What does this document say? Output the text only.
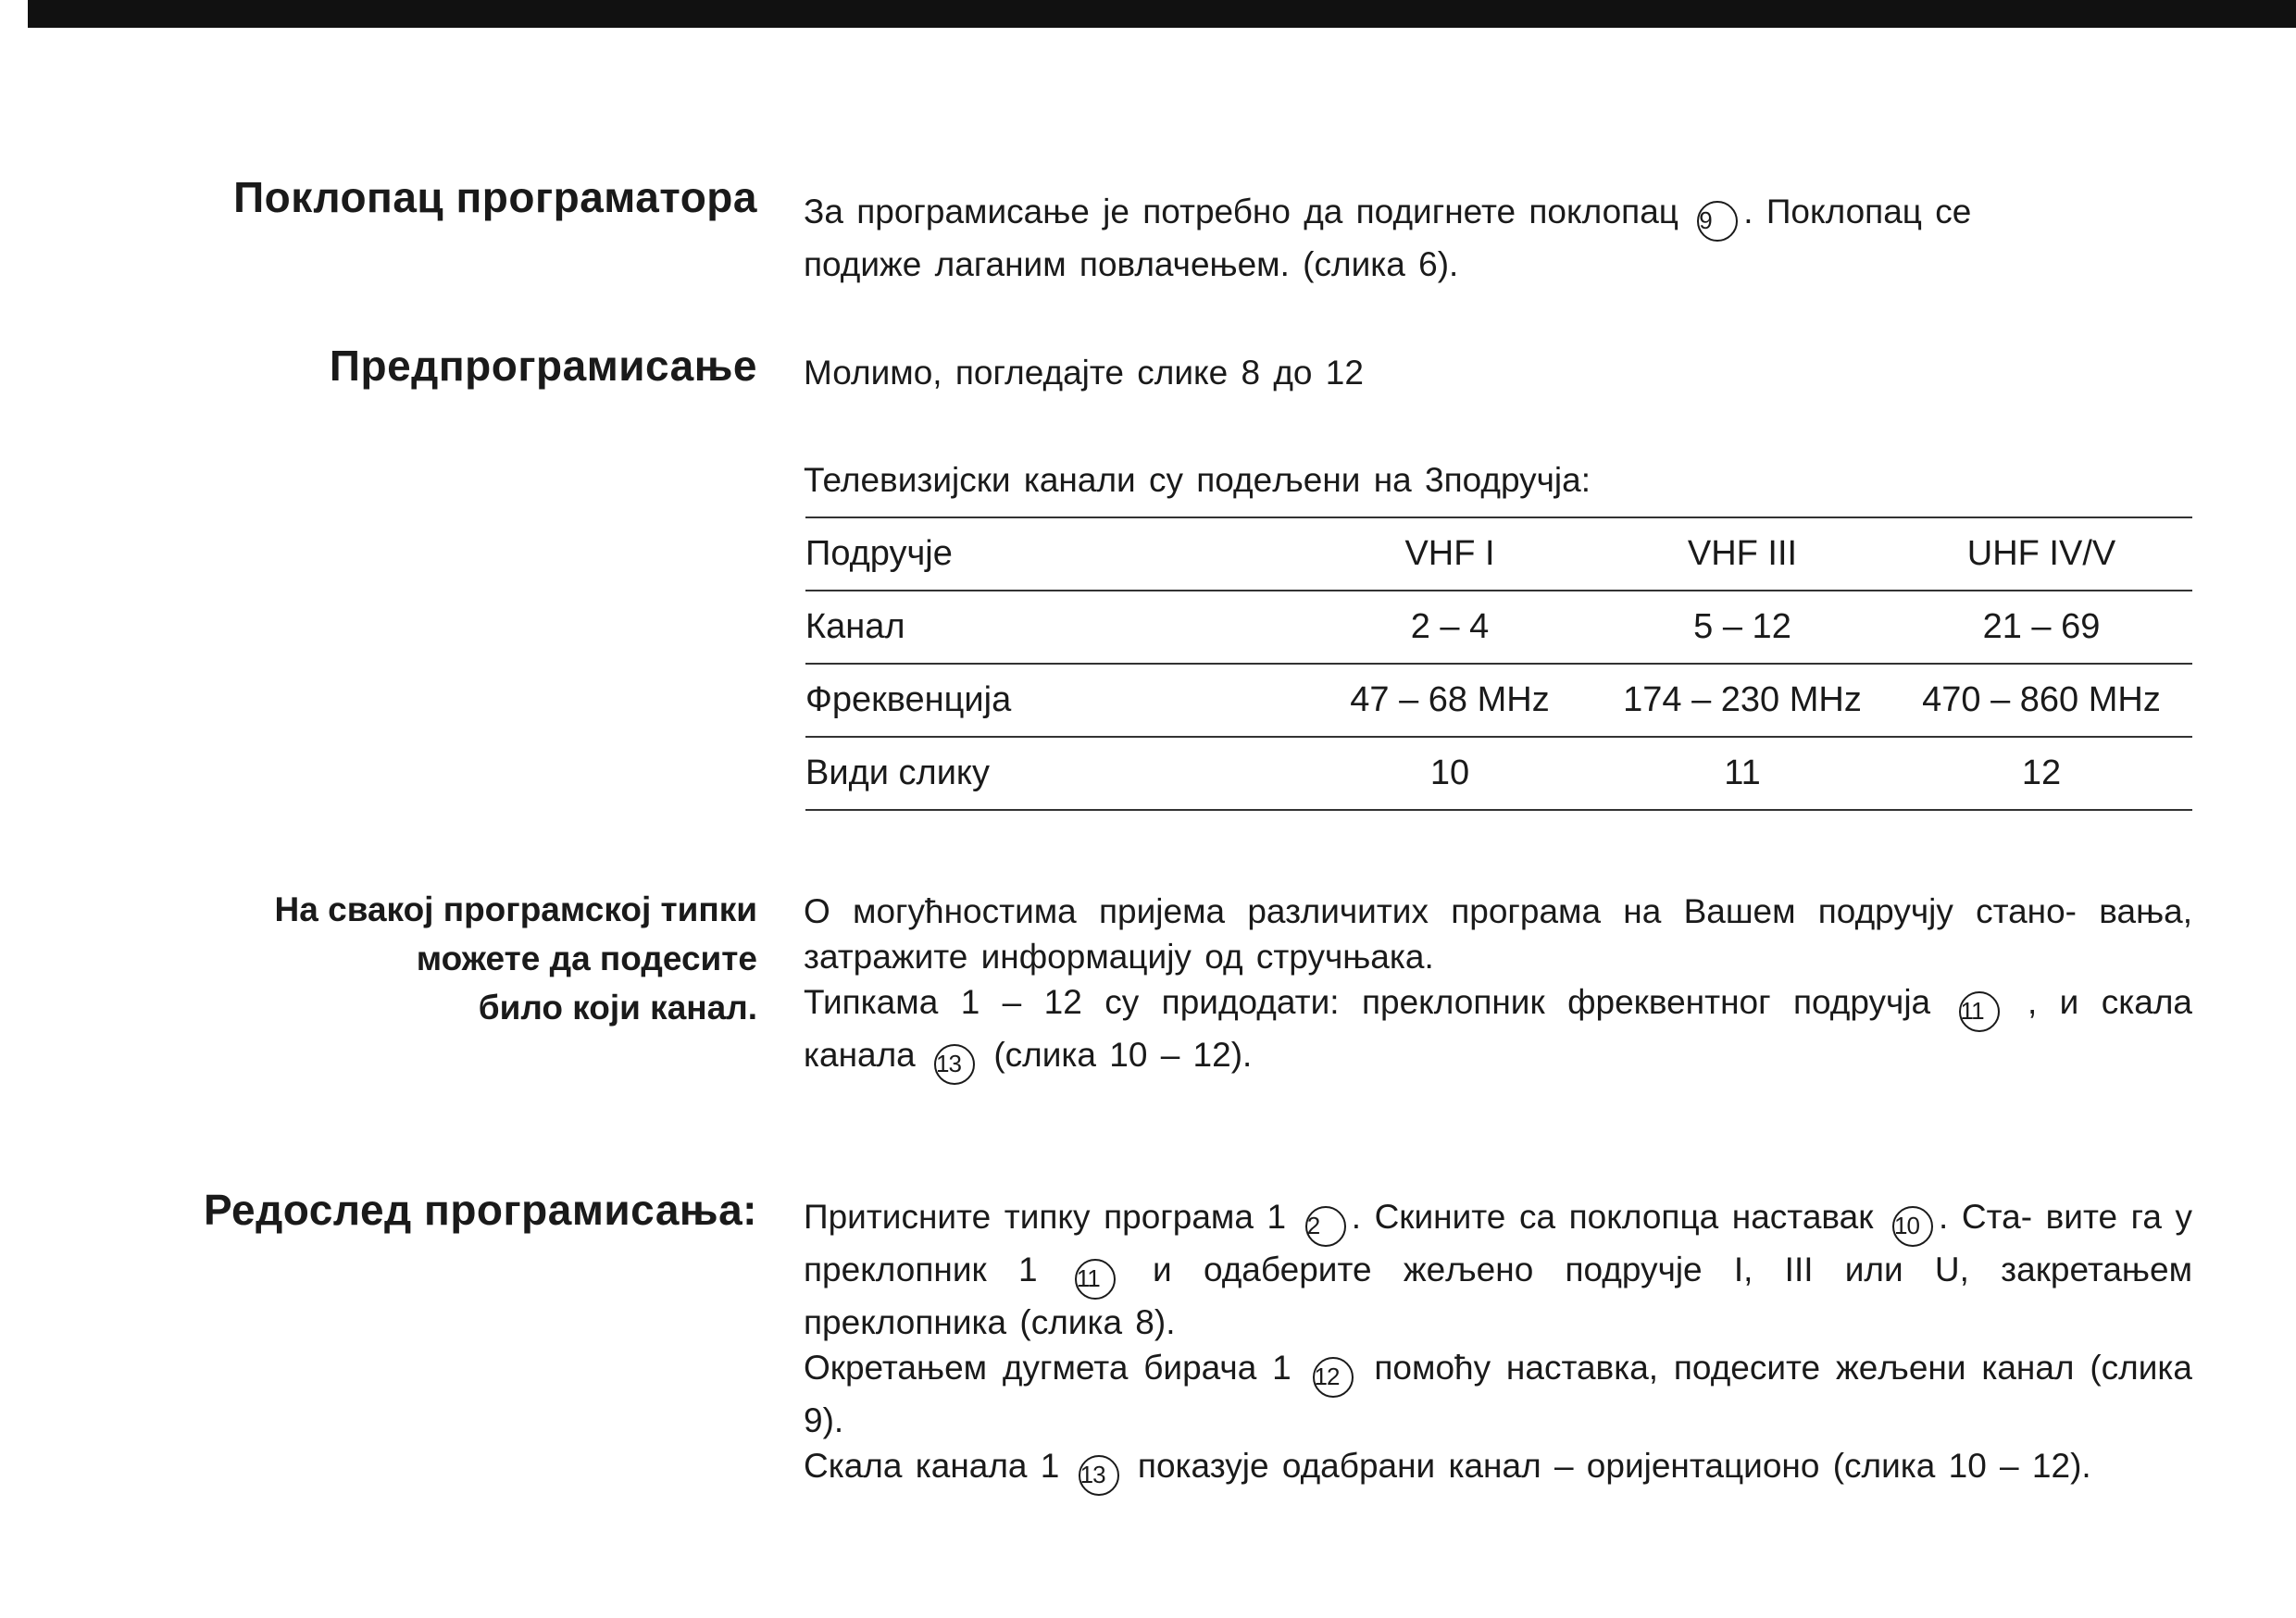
Поклопац програматора За програмисање је потребно да подигнете поклопац 9 . Поклопац се

подиже лаганим повлачењем. (слика 6).

Предпрограмисање Молимо, погледајте слике 8 до 12

Телевизијски канали су подељени на 3подручја:

Подручје	VHF I	VHF III	UHF IV/V
Канал	2 – 4	5 – 12	21 – 69
Фреквенција	47 – 68 MHz	174 – 230 MHz	470 – 860 MHz
Види слику	10	11	12
На свакој програмској типки
можете да подесите
било који канал.

О могућностима пријема различитих програма на Вашем подручју стано- вања, затражите информацију од стручњака.

Типкама 1 – 12 су придодати: преклопник фреквентног подручја 11 , и скала канала 13 (слика 10 – 12).

Редослед програмисања: Притисните типку програма 1 2 . Скините са поклопца наставак 10 . Ста- вите га у преклопник 1 11 и одаберите жељено подручје I, III или U, закретањем преклопника (слика 8).

Окретањем дугмета бирача 1 12 помоћу наставка, подесите жељени канал (слика 9).

Скала канала 1 13 показује одабрани канал – оријентационо (слика 10 – 12).
